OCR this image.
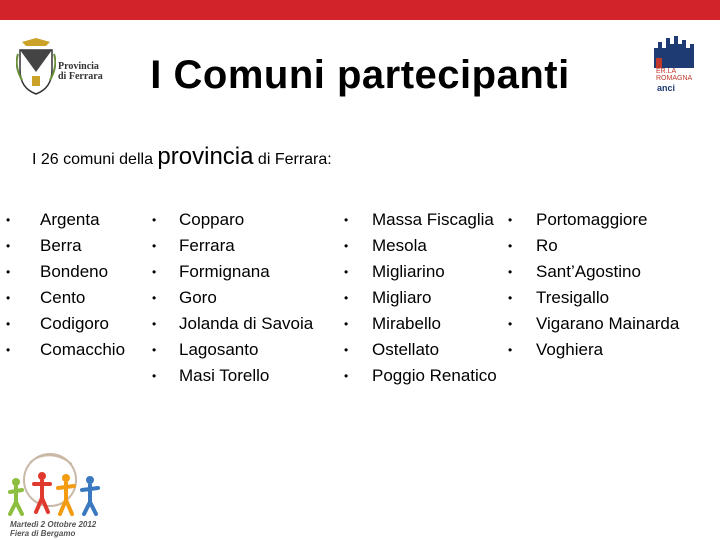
Provincia
di Ferrara	I Comuni partecipanti	ER.LA
ROMAGNA
anci
I 26 comuni della provincia di Ferrara:
• Argenta
• Berra
• Bondeno
• Cento
• Codigoro
• Comacchio
• Copparo
• Ferrara
• Formignana
• Goro
• Jolanda di Savoia
• Lagosanto
• Masi Torello
• Massa Fiscaglia
• Mesola
• Migliarino
• Migliaro
• Mirabello
• Ostellato
• Poggio Renatico
• Portomaggiore
• Ro
• Sant’Agostino
• Tresigallo
• Vigarano Mainarda
• Voghiera
Martedì 2 Ottobre 2012
Fiera di Bergamo
